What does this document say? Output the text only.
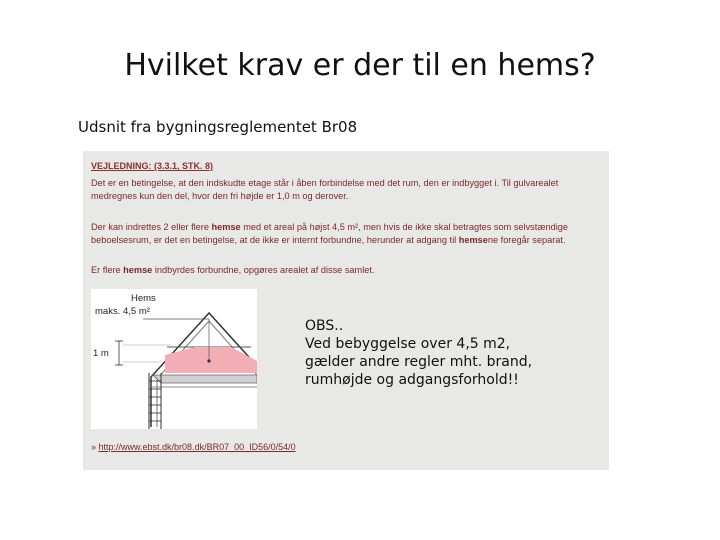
Hvilket krav er der til en hems?
Udsnit fra bygningsreglementet Br08
VEJLEDNING: (3.3.1, STK. 8)
Det er en betingelse, at den indskudte etage står i åben forbindelse med det rum, den er indbygget i. Til gulvarealet medregnes kun den del, hvor den fri højde er 1,0 m og derover.
Der kan indrettes 2 eller flere hemse med et areal på højst 4,5 m², men hvis de ikke skal betragtes som selvstændige beboelsesrum, er det en betingelse, at de ikke er internt forbundne, herunder at adgang til hemsene foregår separat.
Er flere hemse indbyrdes forbundne, opgøres arealet af disse samlet.
Hems
maks. 4,5 m²
1 m
OBS..
Ved bebyggelse over 4,5 m2,
gælder andre regler mht. brand,
rumhøjde og adgangsforhold!!
» http://www.ebst.dk/br08.dk/BR07_00_ID56/0/54/0
